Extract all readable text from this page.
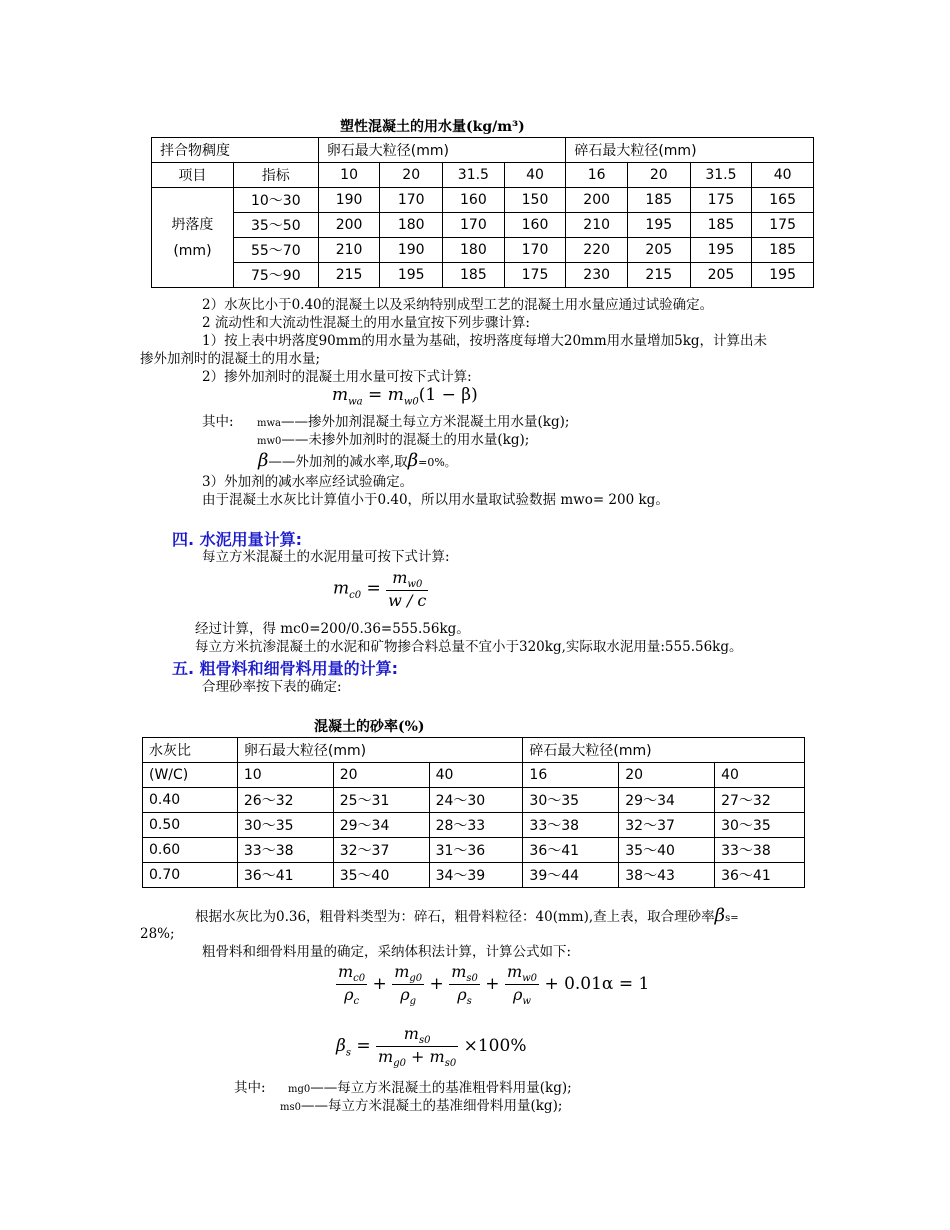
塑性混凝土的用水量(kg/m³)
拌合物稠度		卵石最大粒径(mm)				碎石最大粒径(mm)			
项目	指标	10	20	31.5	40	16	20	31.5	40
坍落度
(mm)	10～30	190	170	160	150	200	185	175	165
	35～50	200	180	170	160	210	195	185	175
	55～70	210	190	180	170	220	205	195	185
	75～90	215	195	185	175	230	215	205	195
2）水灰比小于0.40的混凝土以及采纳特别成型工艺的混凝土用水量应通过试验确定。
2 流动性和大流动性混凝土的用水量宜按下列步骤计算:
1）按上表中坍落度90mm的用水量为基础，按坍落度每增大20mm用水量增加5kg，计算出未
掺外加剂时的混凝土的用水量;
2）掺外加剂时的混凝土用水量可按下式计算:
$m_{wa} = m_{w0}(1 - \beta)$
其中: mwa——掺外加剂混凝土每立方米混凝土用水量(kg);
mw0——未掺外加剂时的混凝土的用水量(kg);
β——外加剂的减水率,取β=0%。
3）外加剂的减水率应经试验确定。
由于混凝土水灰比计算值小于0.40，所以用水量取试验数据 mwo= 200 kg。
四. 水泥用量计算:
每立方米混凝土的水泥用量可按下式计算:
$m_{c0} = \frac{m_{w0}}{w / c}$
经过计算，得 mc0=200/0.36=555.56kg。
每立方米抗渗混凝土的水泥和矿物掺合料总量不宜小于320kg,实际取水泥用量:555.56kg。
五. 粗骨料和细骨料用量的计算:
合理砂率按下表的确定:
混凝土的砂率(%)
水灰比	卵石最大粒径(mm)			碎石最大粒径(mm)		
(W/C)	10	20	40	16	20	40
0.40	26～32	25～31	24～30	30～35	29～34	27～32
0.50	30～35	29～34	28～33	33～38	32～37	30～35
0.60	33～38	32～37	31～36	36～41	35～40	33～38
0.70	36～41	35～40	34～39	39～44	38～43	36～41
根据水灰比为0.36，粗骨料类型为：碎石，粗骨料粒径：40(mm),查上表，取合理砂率βs=
28%;
粗骨料和细骨料用量的确定，采纳体积法计算，计算公式如下:
$\frac{m_{c0}}{\rho_c} + \frac{m_{g0}}{\rho_g} + \frac{m_{s0}}{\rho_s} + \frac{m_{w0}}{\rho_w} + 0.01\alpha = 1$
$\beta_s = \frac{m_{s0}}{m_{g0} + m_{s0}} \times 100\%$
其中: mg0——每立方米混凝土的基准粗骨料用量(kg);
ms0——每立方米混凝土的基准细骨料用量(kg);
